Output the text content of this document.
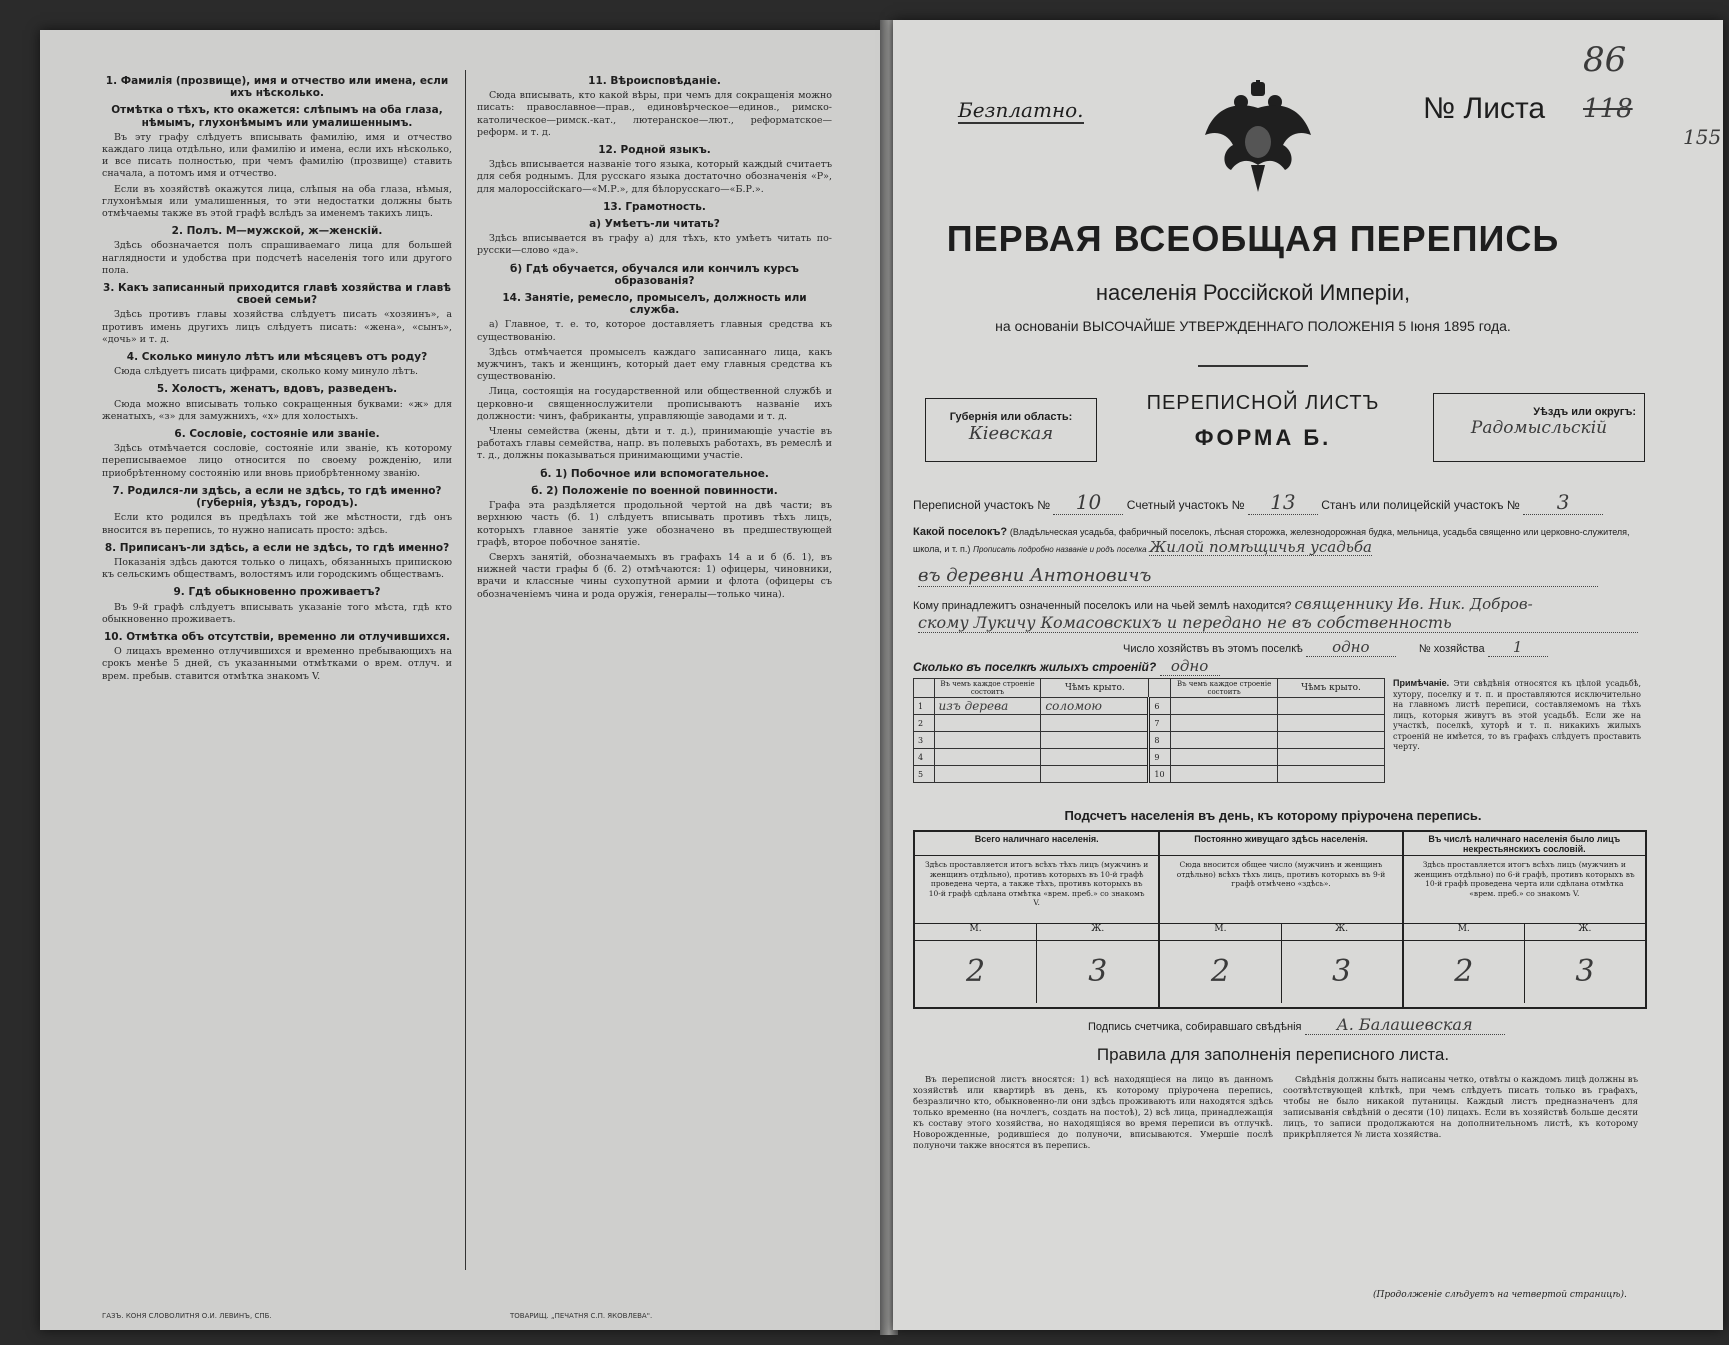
1. Фамилія (прозвище), имя и отчество или имена, если ихъ нѣсколько.
Отмѣтка о тѣхъ, кто окажется: слѣпымъ на оба глаза, нѣмымъ, глухонѣмымъ или умалишеннымъ.

Въ эту графу слѣдуетъ вписывать фамилію, имя и отчество каждаго лица отдѣльно, или фамилію и имена, если ихъ нѣсколько, и все писать полностью, при чемъ фамилію (прозвище) ставить сначала, а потомъ имя и отчество.

Если въ хозяйствѣ окажутся лица, слѣпыя на оба глаза, нѣмыя, глухонѣмыя или умалишенныя, то эти недостатки должны быть отмѣчаемы также въ этой графѣ вслѣдъ за именемъ такихъ лицъ.

2. Полъ. М—мужской, ж—женскій.

Здѣсь обозначается полъ спрашиваемаго лица для большей наглядности и удобства при подсчетѣ населенія того или другого пола.

3. Какъ записанный приходится главѣ хозяйства и главѣ своей семьи?

Здѣсь противъ главы хозяйства слѣдуетъ писать «хозяинъ», а противъ имень другихъ лицъ слѣдуетъ писать: «жена», «сынъ», «дочь» и т. д.

4. Сколько минуло лѣтъ или мѣсяцевъ отъ роду?

Сюда слѣдуетъ писать цифрами, сколько кому минуло лѣтъ.

5. Холостъ, женатъ, вдовъ, разведенъ.

Сюда можно вписывать только сокращенныя буквами: «ж» для женатыхъ, «з» для замужнихъ, «х» для холостыхъ.

6. Сословіе, состояніе или званіе.

Здѣсь отмѣчается сословіе, состояніе или званіе, къ которому переписываемое лицо относится по своему рожденію, или приобрѣтенному состоянію или вновь приобрѣтенному званію.

7. Родился-ли здѣсь, а если не здѣсь, то гдѣ именно? (губернія, уѣздъ, городъ).

Если кто родился въ предѣлахъ той же мѣстности, гдѣ онъ вносится въ перепись, то нужно написать просто: здѣсь.

8. Приписанъ-ли здѣсь, а если не здѣсь, то гдѣ именно?

Показанія здѣсь даются только о лицахъ, обязанныхъ припискою къ сельскимъ обществамъ, волостямъ или городскимъ обществамъ.

9. Гдѣ обыкновенно проживаетъ?

Въ 9-й графѣ слѣдуетъ вписывать указаніе того мѣста, гдѣ кто обыкновенно проживаетъ.

10. Отмѣтка объ отсутствіи, временно ли отлучившихся.

О лицахъ временно отлучившихся и временно пребывающихъ на срокъ менѣе 5 дней, съ указанными отмѣтками о врем. отлуч. и врем. пребыв. ставится отмѣтка знакомъ V.

11. Вѣроисповѣданіе.

Сюда вписывать, кто какой вѣры, при чемъ для сокращенія можно писать: православное—прав., единовѣрческое—единов., римско-католическое—римск.-кат., лютеранское—лют., реформатское—реформ. и т. д.

12. Родной языкъ.

Здѣсь вписывается названіе того языка, который каждый считаетъ для себя роднымъ. Для русскаго языка достаточно обозначенія «Р», для малороссійскаго—«М.Р.», для бѣлорусскаго—«Б.Р.».

13. Грамотность.
а) Умѣетъ-ли читать?

Здѣсь вписывается въ графу а) для тѣхъ, кто умѣетъ читать по-русски—слово «да».

б) Гдѣ обучается, обучался или кончилъ курсъ образованія?
14. Занятіе, ремесло, промыселъ, должность или служба.

а) Главное, т. е. то, которое доставляетъ главныя средства къ существованію.

Здѣсь отмѣчается промыселъ каждаго записаннаго лица, какъ мужчинъ, такъ и женщинъ, который дает ему главныя средства къ существованію.

Лица, состоящія на государственной или общественной службѣ и церковно-и священнослужители прописываютъ названіе ихъ должности: чинъ, фабриканты, управляющіе заводами и т. д.

Члены семейства (жены, дѣти и т. д.), принимающіе участіе въ работахъ главы семейства, напр. въ полевыхъ работахъ, въ ремеслѣ и т. д., должны показываться принимающими участіе.

б. 1) Побочное или вспомогательное.
б. 2) Положеніе по военной повинности.

Графа эта раздѣляется продольной чертой на двѣ части; въ верхнюю часть (б. 1) слѣдуетъ вписывать противъ тѣхъ лицъ, которыхъ главное занятіе уже обозначено въ предшествующей графѣ, второе побочное занятіе.

Сверхъ занятій, обозначаемыхъ въ графахъ 14 а и б (б. 1), въ нижней части графы б (б. 2) отмѣчаются: 1) офицеры, чиновники, врачи и классные чины сухопутной армии и флота (офицеры съ обозначеніемъ чина и рода оружія, генералы—только чина).

ГАЗЪ. КОНЯ СЛОВОЛИТНЯ О.И. ЛЕВИНЪ, СПБ.	ТОВАРИЩ. „ПЕЧАТНЯ С.П. ЯКОВЛЕВА".
86
155
Безплатно.	№ Листа 118
ПЕРВАЯ ВСЕОБЩАЯ ПЕРЕПИСЬ
населенія Россійской Имперіи,
на основаніи ВЫСОЧАЙШЕ УТВЕРЖДЕННАГО ПОЛОЖЕНІЯ 5 Іюня 1895 года.
Губернія или область:
Кіевская
ПЕРЕПИСНОЙ ЛИСТЪ
ФОРМА Б.
Уѣздъ или округъ:
Радомысльскій
Переписной участокъ № 10 Счетный участокъ № 13 Станъ или полицейскій участокъ № 3
Какой поселокъ? (Владѣльческая усадьба, фабричный поселокъ, лѣсная сторожка, железнодорожная будка, мельница, усадьба священно или церковно-служителя, школа, и т. п.) Прописать подробно названіе и родъ поселка Жилой помѣщичья усадьба
въ деревни Антоновичъ
Кому принадлежитъ означенный поселокъ или на чьей землѣ находится? священнику Ив. Ник. Добров-
скому Лукичу Комасовскихъ и передано не въ собственность
Число хозяйствъ въ этомъ поселкѣ одно	№ хозяйства 1
Сколько въ поселкѣ жилыхъ строеній? одно
	Въ чемъ каждое строеніе состоитъ	Чѣмъ крыто.		Въ чемъ каждое строеніе состоитъ	Чѣмъ крыто.
1	изъ дерева	соломою	6		
2			7		
3			8		
4			9		
5			10		
Примѣчаніе. Эти свѣдѣнія относятся къ цѣлой усадьбѣ, хутору, поселку и т. п. и проставляются исключительно на главномъ листѣ переписи, составляемомъ на тѣхъ лицъ, которыя живутъ въ этой усадьбѣ. Если же на участкѣ, поселкѣ, хуторѣ и т. п. никакихъ жилыхъ строеній не имѣется, то въ графахъ слѣдуетъ проставить черту.
Подсчетъ населенія въ день, къ которому пріурочена перепись.
Всего наличнаго населенія.
Здѣсь проставляется итогъ всѣхъ тѣхъ лицъ (мужчинъ и женщинъ отдѣльно), противъ которыхъ въ 10-й графѣ проведена черта, а также тѣхъ, противъ которыхъ въ 10-й графѣ сдѣлана отмѣтка «врем. преб.» со знакомъ V.
М.	Ж.
2	3
Постоянно живущаго здѣсь населенія.
Сюда вносится общее число (мужчинъ и женщинъ отдѣльно) всѣхъ тѣхъ лицъ, противъ которыхъ въ 9-й графѣ отмѣчено «здѣсь».
М.	Ж.
2	3
Въ числѣ наличнаго населенія было лицъ некрестьянскихъ сословій.
Здѣсь проставляется итогъ всѣхъ лицъ (мужчинъ и женщинъ отдѣльно) по 6-й графѣ, противъ которыхъ въ 10-й графѣ проведена черта или сдѣлана отмѣтка «врем. преб.» со знакомъ V.
М.	Ж.
2	3
Подпись счетчика, собиравшаго свѣдѣнія А. Балашевская
Правила для заполненія переписного листа.
Въ переписной листъ вносятся: 1) всѣ находящіеся на лицо въ данномъ хозяйствѣ или квартирѣ въ день, къ которому пріурочена перепись, безразлично кто, обыкновенно-ли они здѣсь проживаютъ или находятся здѣсь только временно (на ночлегъ, создать на постоѣ), 2) всѣ лица, принадлежащія къ составу этого хозяйства, но находящіяся во время переписи въ отлучкѣ. Новорожденные, родившіеся до полуночи, вписываются. Умершіе послѣ полуночи также вносятся въ перепись.
Свѣдѣнія должны быть написаны четко, отвѣты о каждомъ лицѣ должны въ соотвѣтствующей клѣткѣ, при чемъ слѣдуетъ писать только въ графахъ, чтобы не было никакой путаницы. Каждый листъ предназначенъ для записыванія свѣдѣній о десяти (10) лицахъ. Если въ хозяйствѣ больше десяти лицъ, то записи продолжаются на дополнительномъ листѣ, къ которому прикрѣпляется № листа хозяйства.
(Продолженіе слѣдуетъ на четвертой страницѣ).
